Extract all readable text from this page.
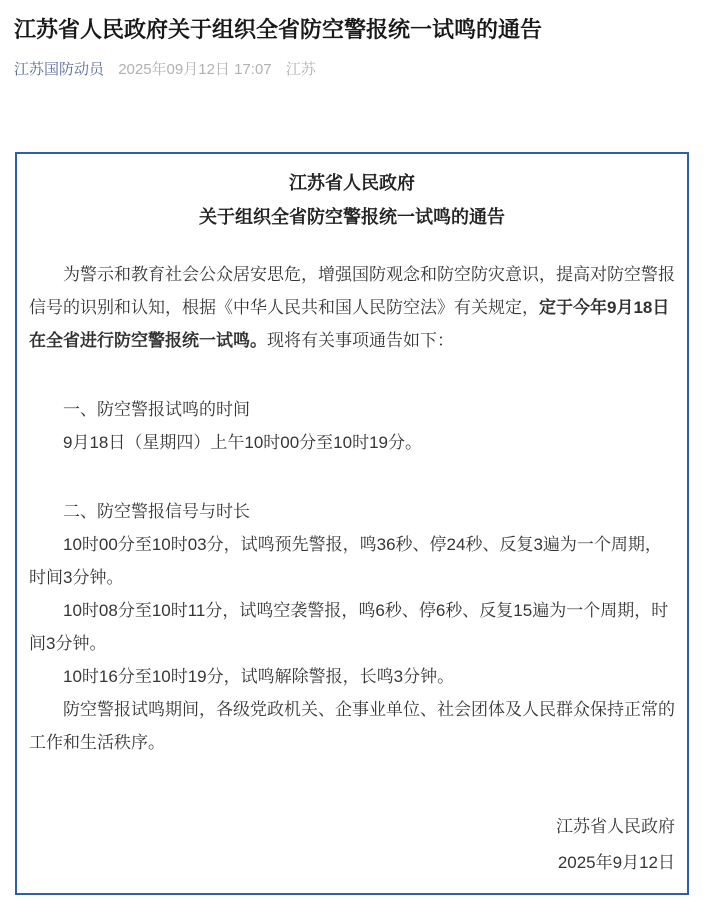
江苏省人民政府关于组织全省防空警报统一试鸣的通告
江苏国防动员 2025年09月12日 17:07 江苏
江苏省人民政府
关于组织全省防空警报统一试鸣的通告

为警示和教育社会公众居安思危，增强国防观念和防空防灾意识，提高对防空警报信号的识别和认知，根据《中华人民共和国人民防空法》有关规定，定于今年9月18日在全省进行防空警报统一试鸣。现将有关事项通告如下：

一、防空警报试鸣的时间

9月18日（星期四）上午10时00分至10时19分。

二、防空警报信号与时长

10时00分至10时03分，试鸣预先警报，鸣36秒、停24秒、反复3遍为一个周期，时间3分钟。

10时08分至10时11分，试鸣空袭警报，鸣6秒、停6秒、反复15遍为一个周期，时间3分钟。

10时16分至10时19分，试鸣解除警报，长鸣3分钟。

防空警报试鸣期间，各级党政机关、企事业单位、社会团体及人民群众保持正常的工作和生活秩序。

江苏省人民政府

2025年9月12日
